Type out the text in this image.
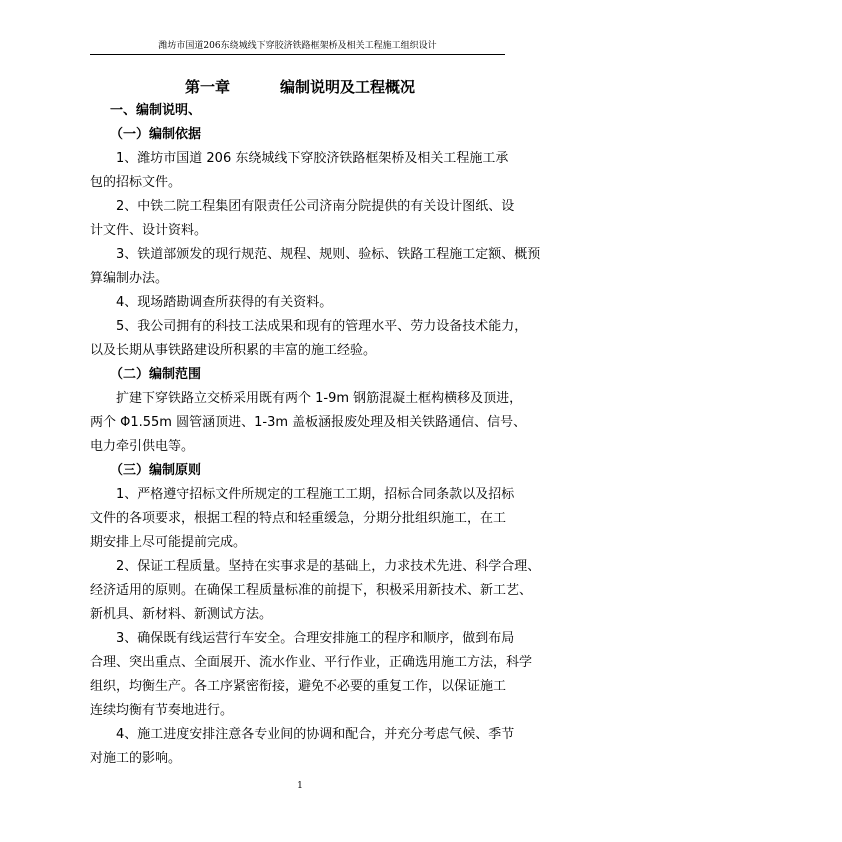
潍坊市国道206东绕城线下穿胶济铁路框架桥及相关工程施工组织设计
第一章	编制说明及工程概况
一、编制说明、
（一）编制依据
1、潍坊市国道 206 东绕城线下穿胶济铁路框架桥及相关工程施工承
包的招标文件。
2、中铁二院工程集团有限责任公司济南分院提供的有关设计图纸、设
计文件、设计资料。
3、铁道部颁发的现行规范、规程、规则、验标、铁路工程施工定额、概预
算编制办法。
4、现场踏勘调查所获得的有关资料。
5、我公司拥有的科技工法成果和现有的管理水平、劳力设备技术能力，
以及长期从事铁路建设所积累的丰富的施工经验。
（二）编制范围
扩建下穿铁路立交桥采用既有两个 1-9m 钢筋混凝土框构横移及顶进，
两个 Φ1.55m 圆管涵顶进、1-3m 盖板涵报废处理及相关铁路通信、信号、
电力牵引供电等。
（三）编制原则
1、严格遵守招标文件所规定的工程施工工期，招标合同条款以及招标
文件的各项要求，根据工程的特点和轻重缓急，分期分批组织施工，在工
期安排上尽可能提前完成。
2、保证工程质量。坚持在实事求是的基础上，力求技术先进、科学合理、
经济适用的原则。在确保工程质量标准的前提下，积极采用新技术、新工艺、
新机具、新材料、新测试方法。
3、确保既有线运营行车安全。合理安排施工的程序和顺序，做到布局
合理、突出重点、全面展开、流水作业、平行作业，正确选用施工方法，科学
组织，均衡生产。各工序紧密衔接，避免不必要的重复工作，以保证施工
连续均衡有节奏地进行。
4、施工进度安排注意各专业间的协调和配合，并充分考虑气候、季节
对施工的影响。
1
